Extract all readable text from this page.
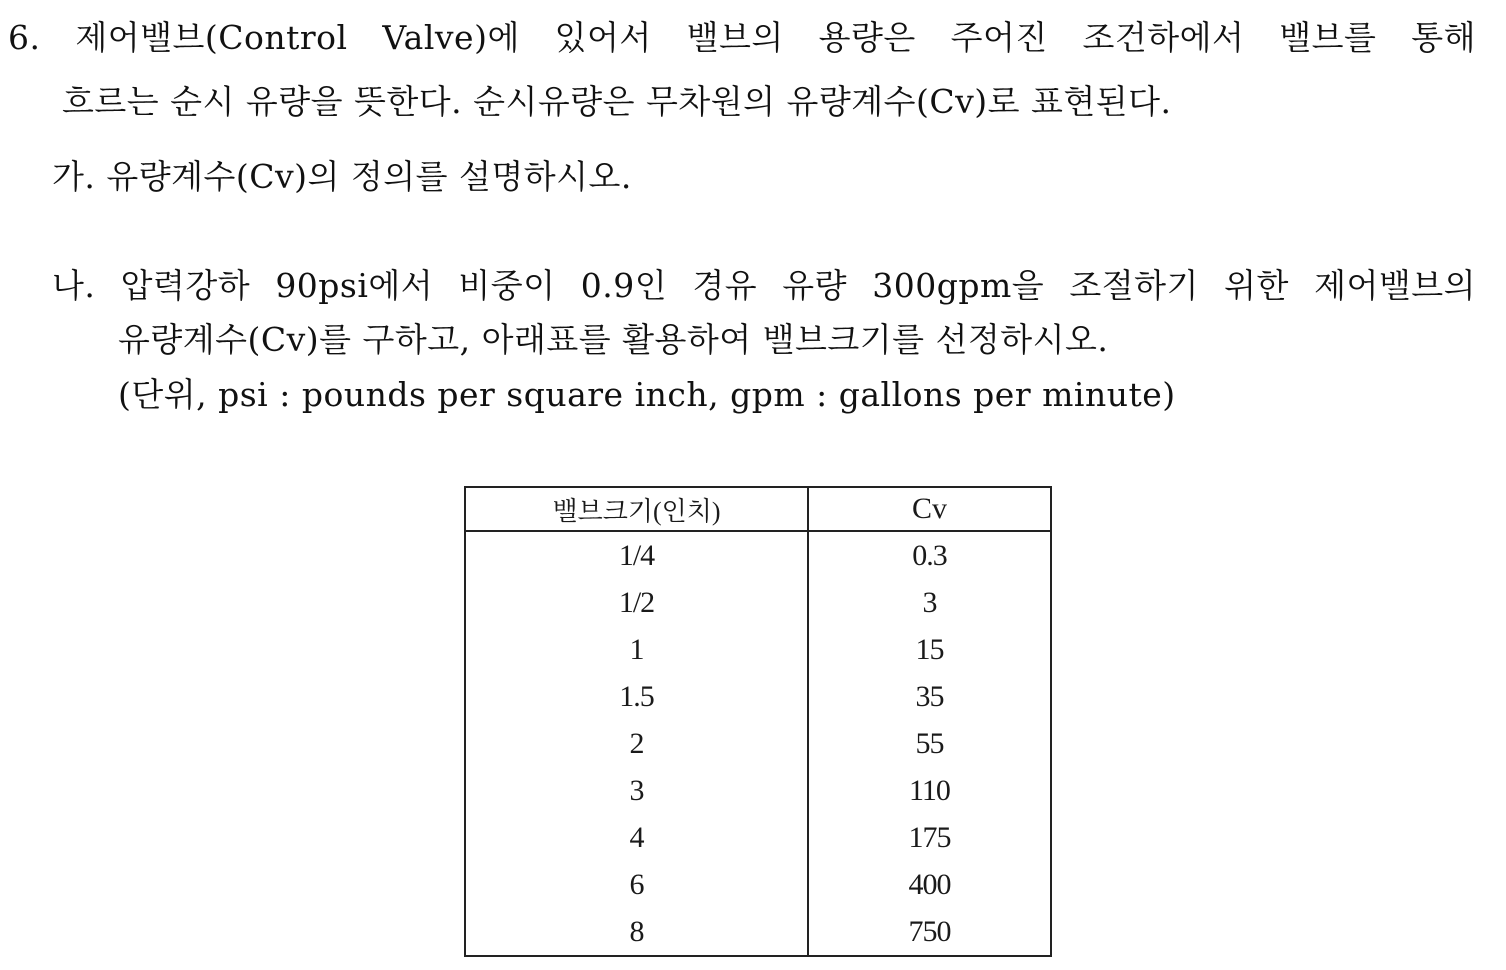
6. 제어밸브(Control Valve)에 있어서 밸브의 용량은 주어진 조건하에서 밸브를 통해
흐르는 순시 유량을 뜻한다. 순시유량은 무차원의 유량계수(Cv)로 표현된다.
가. 유량계수(Cv)의 정의를 설명하시오.
나. 압력강하 90psi에서 비중이 0.9인 경유 유량 300gpm을 조절하기 위한 제어밸브의
유량계수(Cv)를 구하고, 아래표를 활용하여 밸브크기를 선정하시오.
(단위, psi : pounds per square inch, gpm : gallons per minute)
밸브크기(인치)	Cv
1/4	0.3
1/2	3
1	15
1.5	35
2	55
3	110
4	175
6	400
8	750
